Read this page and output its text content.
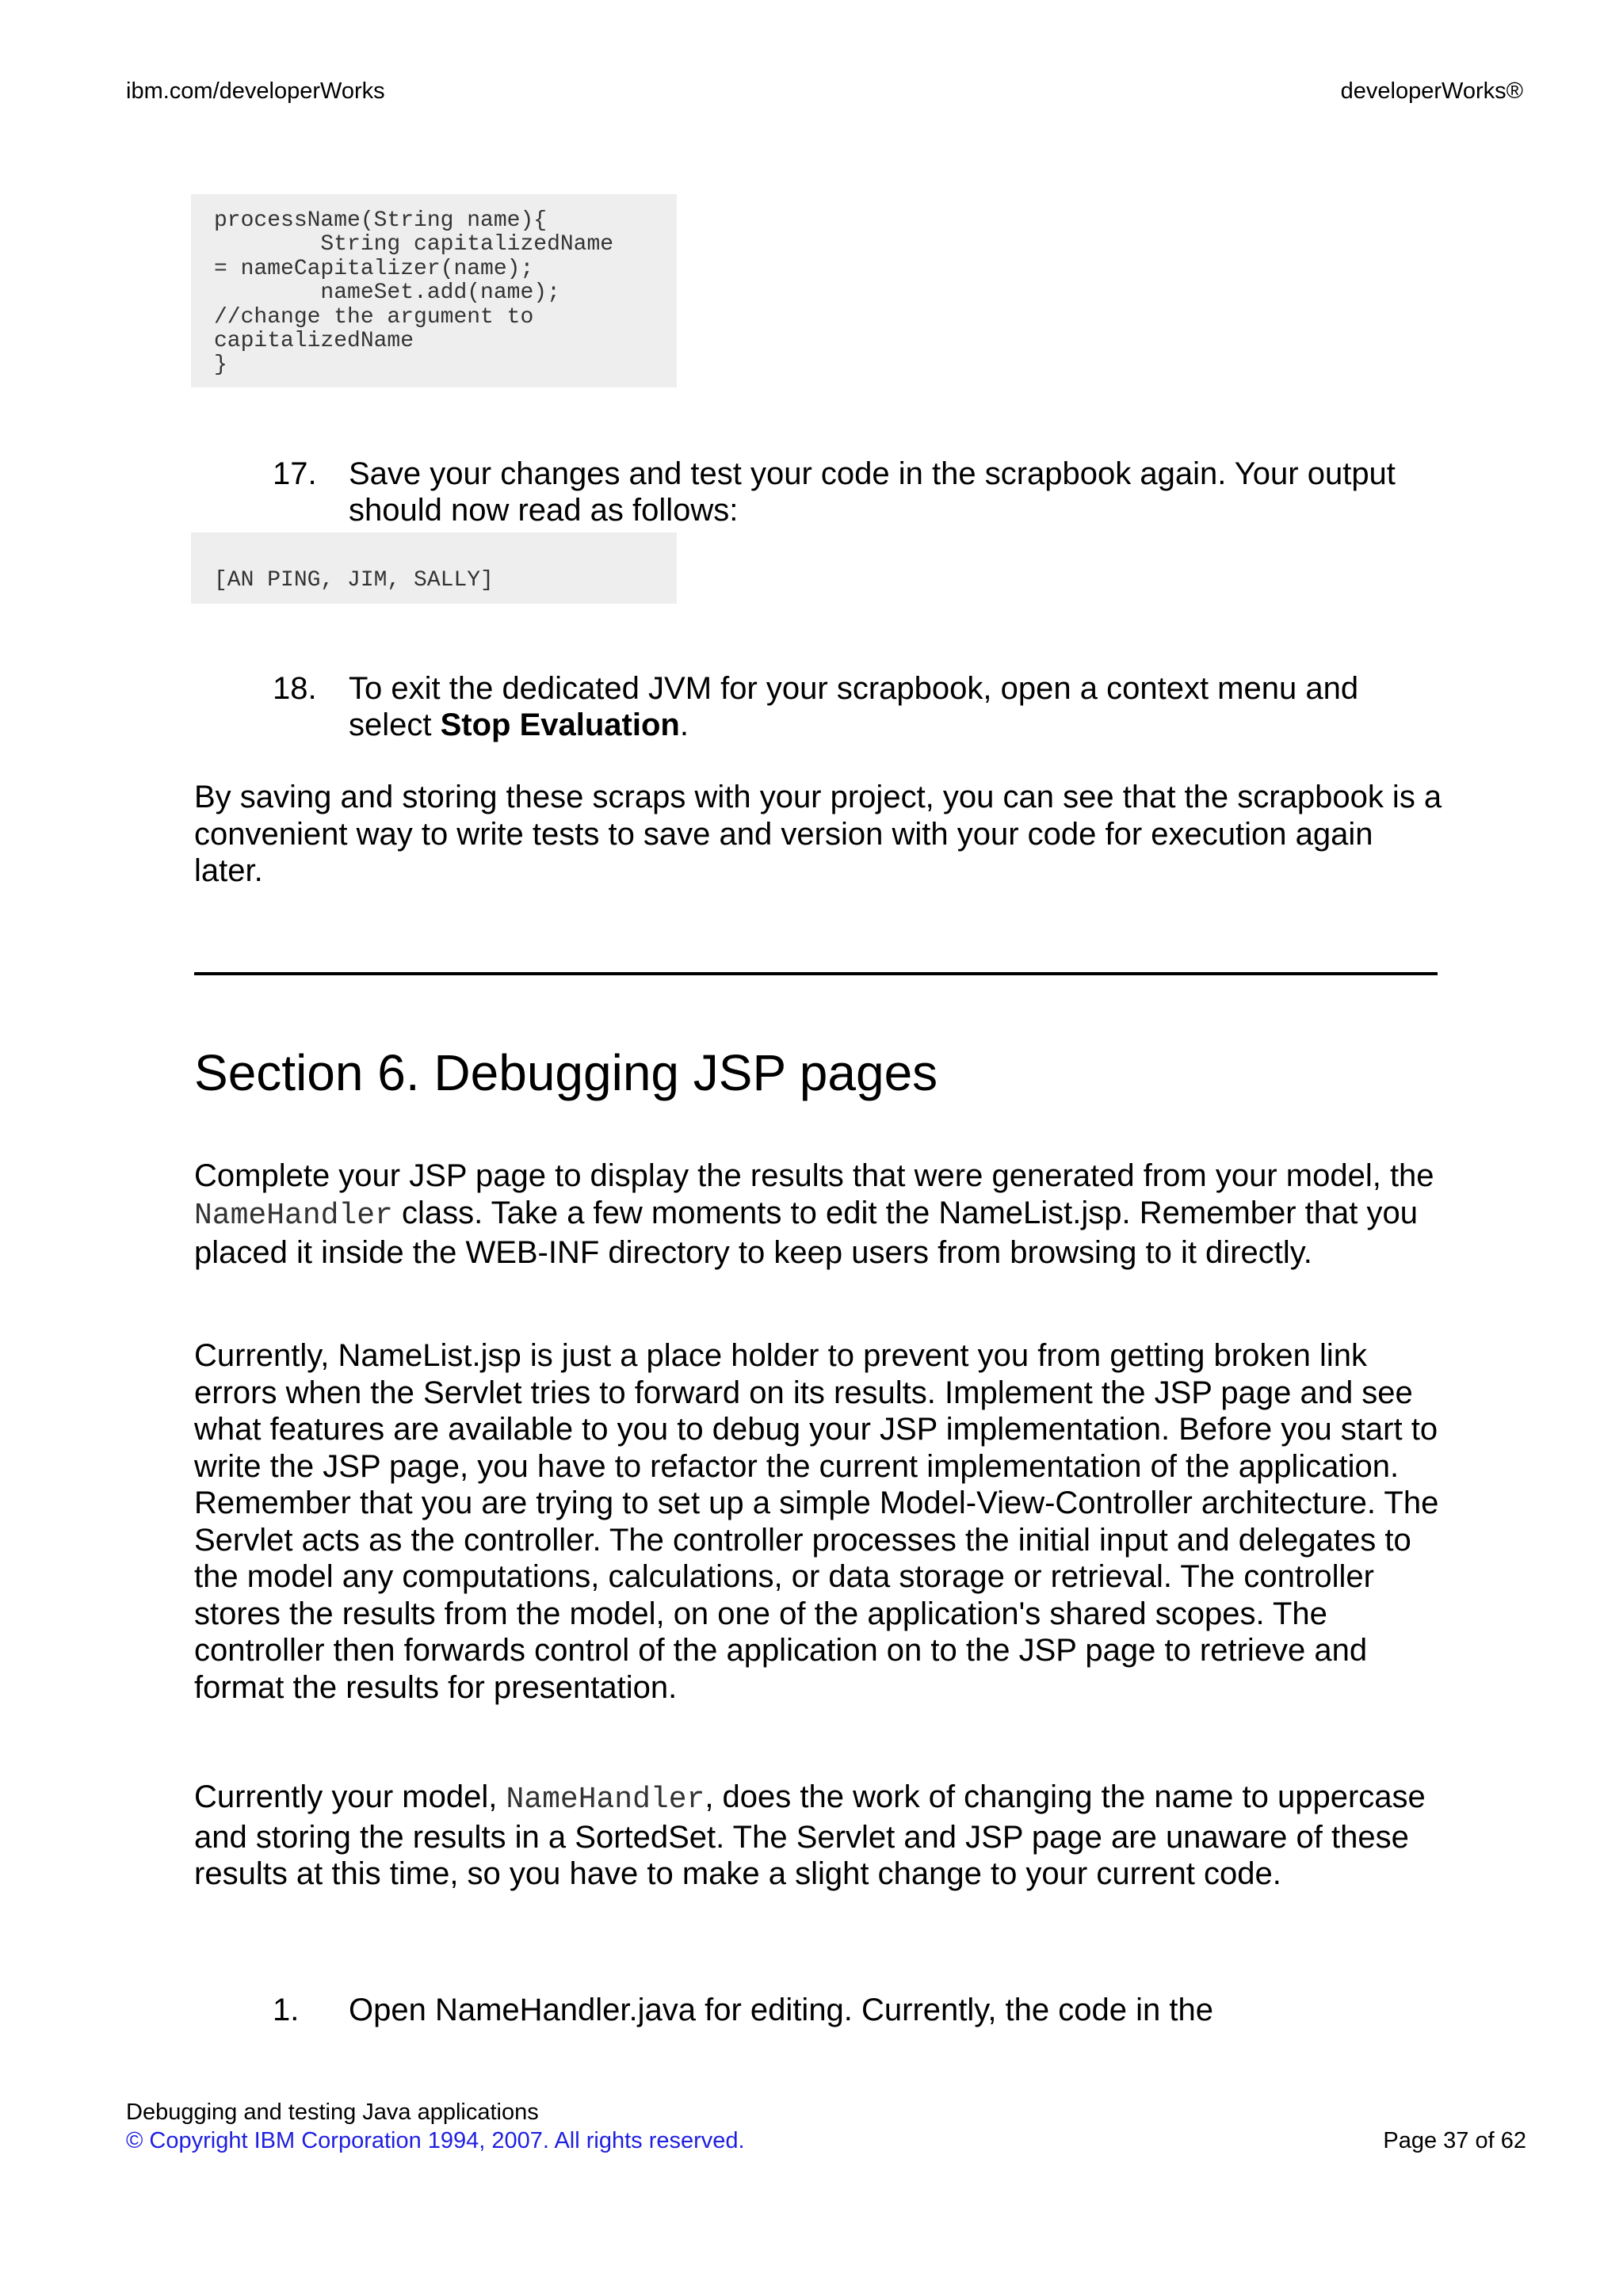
ibm.com/developerWorks	developerWorks®
processName(String name){
String capitalizedName
= nameCapitalizer(name);
nameSet.add(name);
//change the argument to
capitalizedName
}
17. Save your changes and test your code in the scrapbook again. Your output should now read as follows:
[AN PING, JIM, SALLY]
18. To exit the dedicated JVM for your scrapbook, open a context menu and select Stop Evaluation.
By saving and storing these scraps with your project, you can see that the scrapbook is a convenient way to write tests to save and version with your code for execution again later.
Section 6. Debugging JSP pages
Complete your JSP page to display the results that were generated from your model, the NameHandler class. Take a few moments to edit the NameList.jsp. Remember that you placed it inside the WEB-INF directory to keep users from browsing to it directly.
Currently, NameList.jsp is just a place holder to prevent you from getting broken link errors when the Servlet tries to forward on its results. Implement the JSP page and see what features are available to you to debug your JSP implementation. Before you start to write the JSP page, you have to refactor the current implementation of the application. Remember that you are trying to set up a simple Model-View-Controller architecture. The Servlet acts as the controller. The controller processes the initial input and delegates to the model any computations, calculations, or data storage or retrieval. The controller stores the results from the model, on one of the application's shared scopes. The controller then forwards control of the application on to the JSP page to retrieve and format the results for presentation.
Currently your model, NameHandler, does the work of changing the name to uppercase and storing the results in a SortedSet. The Servlet and JSP page are unaware of these results at this time, so you have to make a slight change to your current code.
1. Open NameHandler.java for editing. Currently, the code in the
Debugging and testing Java applications
© Copyright IBM Corporation 1994, 2007. All rights reserved.	Page 37 of 62
